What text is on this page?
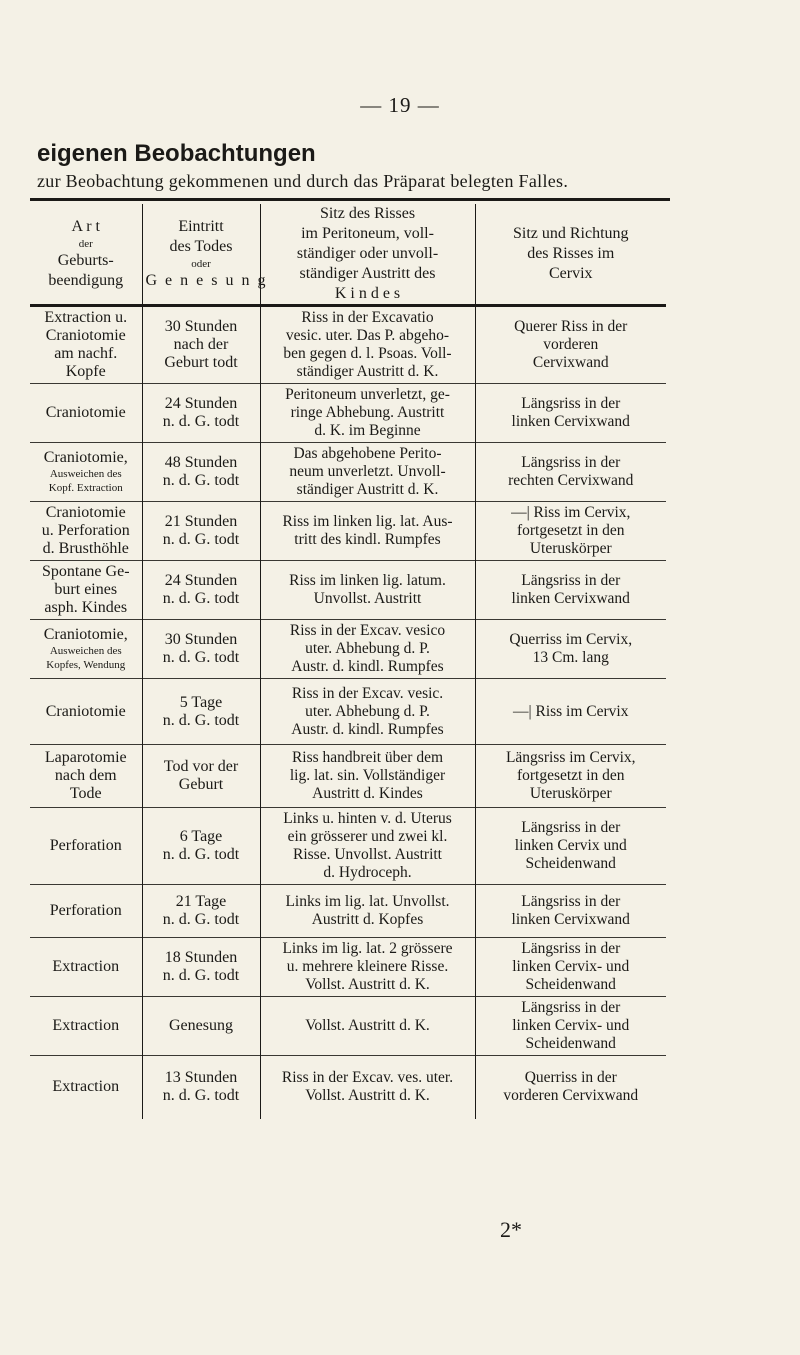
— 19 —
eigenen Beobachtungen
zur Beobachtung gekommenen und durch das Präparat belegten Falles.
A r t
der
Geburts-
beendigung	Eintritt
des Todes
oder
G e n e s u n g	Sitz des Risses
im Peritoneum, voll-
ständiger oder unvoll-
ständiger Austritt des
K i n d e s	Sitz und Richtung
des Risses im
Cervix

Extraction u.
Craniotomie
am nachf.
Kopfe	30 Stunden
nach der
Geburt todt	Riss in der Excavatio
vesic. uter. Das P. abgeho-
ben gegen d. l. Psoas. Voll-
ständiger Austritt d. K.	Querer Riss in der
vorderen
Cervixwand

Craniotomie	24 Stunden
n. d. G. todt	Peritoneum unverletzt, ge-
ringe Abhebung. Austritt
d. K. im Beginne	Längsriss in der
linken Cervixwand

Craniotomie,
Ausweichen des
Kopf. Extraction	48 Stunden
n. d. G. todt	Das abgehobene Perito-
neum unverletzt. Unvoll-
ständiger Austritt d. K.	Längsriss in der
rechten Cervixwand

Craniotomie
u. Perforation
d. Brusthöhle	21 Stunden
n. d. G. todt	Riss im linken lig. lat. Aus-
tritt des kindl. Rumpfes	—| Riss im Cervix,
fortgesetzt in den
Uteruskörper

Spontane Ge-
burt eines
asph. Kindes	24 Stunden
n. d. G. todt	Riss im linken lig. latum.
Unvollst. Austritt	Längsriss in der
linken Cervixwand

Craniotomie,
Ausweichen des
Kopfes, Wendung	30 Stunden
n. d. G. todt	Riss in der Excav. vesico
uter. Abhebung d. P.
Austr. d. kindl. Rumpfes	Querriss im Cervix,
13 Cm. lang

Craniotomie	5 Tage
n. d. G. todt	Riss in der Excav. vesic.
uter. Abhebung d. P.
Austr. d. kindl. Rumpfes	—| Riss im Cervix

Laparotomie
nach dem
Tode	Tod vor der
Geburt	Riss handbreit über dem
lig. lat. sin. Vollständiger
Austritt d. Kindes	Längsriss im Cervix,
fortgesetzt in den
Uteruskörper

Perforation	6 Tage
n. d. G. todt	Links u. hinten v. d. Uterus
ein grösserer und zwei kl.
Risse. Unvollst. Austritt
d. Hydroceph.	Längsriss in der
linken Cervix und
Scheidenwand

Perforation	21 Tage
n. d. G. todt	Links im lig. lat. Unvollst.
Austritt d. Kopfes	Längsriss in der
linken Cervixwand

Extraction	18 Stunden
n. d. G. todt	Links im lig. lat. 2 grössere
u. mehrere kleinere Risse.
Vollst. Austritt d. K.	Längsriss in der
linken Cervix- und
Scheidenwand

Extraction	Genesung	Vollst. Austritt d. K.	Längsriss in der
linken Cervix- und
Scheidenwand

Extraction	13 Stunden
n. d. G. todt	Riss in der Excav. ves. uter.
Vollst. Austritt d. K.	Querriss in der
vorderen Cervixwand
2*
